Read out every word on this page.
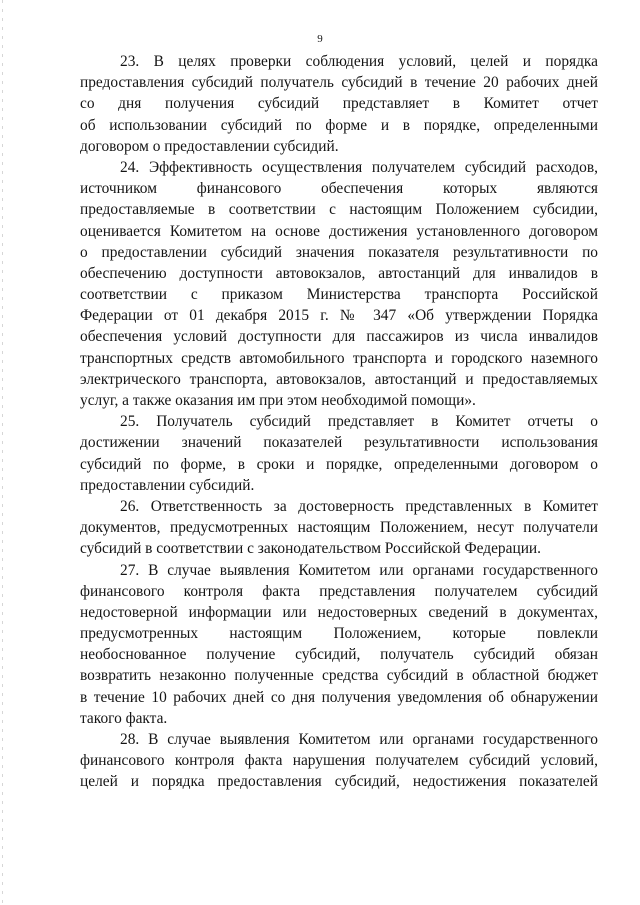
9
23. В целях проверки соблюдения условий, целей и порядка
предоставления субсидий получатель субсидий в течение 20 рабочих дней
со дня получения субсидий представляет в Комитет отчет
об использовании субсидий по форме и в порядке, определенными
договором о предоставлении субсидий.
24. Эффективность осуществления получателем субсидий расходов,
источником финансового обеспечения которых являются
предоставляемые в соответствии с настоящим Положением субсидии,
оценивается Комитетом на основе достижения установленного договором
о предоставлении субсидий значения показателя результативности по
обеспечению доступности автовокзалов, автостанций для инвалидов в
соответствии с приказом Министерства транспорта Российской
Федерации от 01 декабря 2015 г. № 347 «Об утверждении Порядка
обеспечения условий доступности для пассажиров из числа инвалидов
транспортных средств автомобильного транспорта и городского наземного
электрического транспорта, автовокзалов, автостанций и предоставляемых
услуг, а также оказания им при этом необходимой помощи».
25. Получатель субсидий представляет в Комитет отчеты о
достижении значений показателей результативности использования
субсидий по форме, в сроки и порядке, определенными договором о
предоставлении субсидий.
26. Ответственность за достоверность представленных в Комитет
документов, предусмотренных настоящим Положением, несут получатели
субсидий в соответствии с законодательством Российской Федерации.
27. В случае выявления Комитетом или органами государственного
финансового контроля факта представления получателем субсидий
недостоверной информации или недостоверных сведений в документах,
предусмотренных настоящим Положением, которые повлекли
необоснованное получение субсидий, получатель субсидий обязан
возвратить незаконно полученные средства субсидий в областной бюджет
в течение 10 рабочих дней со дня получения уведомления об обнаружении
такого факта.
28. В случае выявления Комитетом или органами государственного
финансового контроля факта нарушения получателем субсидий условий,
целей и порядка предоставления субсидий, недостижения показателей
